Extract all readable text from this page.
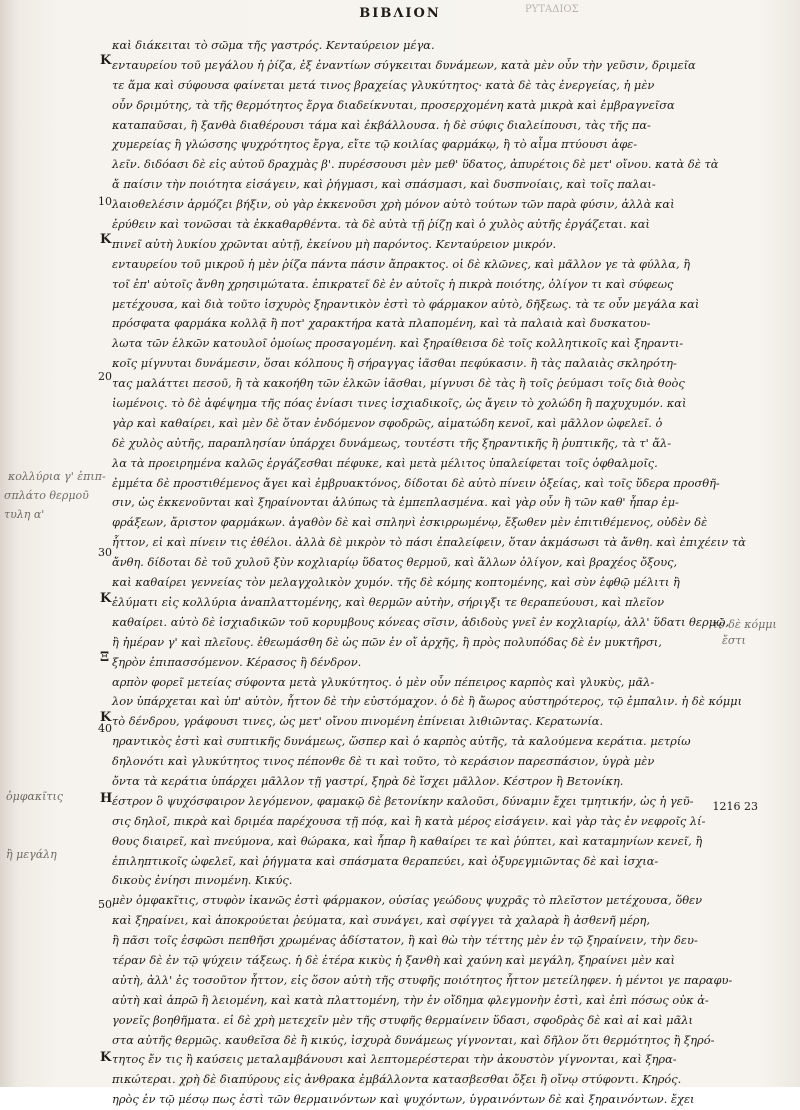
ΒΙΒΛΙΟΝ	ΡΥΤΑΔΙΟΣ
Κ
Κ
Κ
Ξ
Κ
Η
Κ
10
20
30
40
50
κολλύρια γ' ἐπιπ-
σπλάτο θερμοῦ
τυλη α'
ὀμφακῖτις
ἢ μεγάλη
τὸ δὲ κόμμι
ἔστι
1216 23
καὶ διάκειται τὸ σῶμα τῆς γαστρός. Κενταύρειον μέγα.
ενταυρείου τοῦ μεγάλου ἡ ῥίζα, ἐξ ἐναντίων σύγκειται δυνάμεων, κατὰ μὲν οὖν τὴν γεῦσιν, δριμεῖα
τε ἅμα καὶ σύφουσα φαίνεται μετά τινος βραχείας γλυκύτητος· κατὰ δὲ τὰς ἐνεργείας, ἡ μὲν
οὖν δριμύτης, τὰ τῆς θερμότητος ἔργα διαδείκνυται, προσερχομένη κατὰ μικρὰ καὶ ἐμβραγνεῖσα
καταπαῦσαι, ἣ ξανθὰ διαθέρουσι τάμα καὶ ἐκβάλλουσα. ἡ δὲ σύφις διαλείπουσι, τὰς τῆς πα-
χυμερείας ἢ γλώσσης ψυχρότητος ἔργα, εἴτε τῷ κοιλίας φαρμάκῳ, ἢ τὸ αἷμα πτύουσι ἀφε-
λεῖν. διδόασι δὲ εἰς αὐτοῦ δραχμὰς β'. πυρέσσουσι μὲν μεθ' ὕδατος, ἀπυρέτοις δὲ μετ' οἴνου. κατὰ δὲ τὰ
ἄ παίσιν τὴν ποιότητα εἰσάγειν, καὶ ῥήγμασι, καὶ σπάσμασι, καὶ δυσπνοίαις, καὶ τοῖς παλαι-
λαιοθελέσιν ἁρμόζει βήξιν, οὐ γὰρ ἐκκενοῦσι χρὴ μόνον αὐτὸ τούτων τῶν παρὰ φύσιν, ἀλλὰ καὶ
ἐρύθειν καὶ τονῶσαι τὰ ἐκκαθαρθέντα. τὰ δὲ αὐτὰ τῇ ῥίζῃ καὶ ὁ χυλὸς αὐτῆς ἐργάζεται. καὶ
πινεῖ αὐτὴ λυκίου χρῶνται αὐτῇ, ἐκείνου μὴ παρόντος. Κενταύρειον μικρόν.
ενταυρείου τοῦ μικροῦ ἡ μὲν ῥίζα πάντα πάσιν ἄπρακτος. οἱ δὲ κλῶνες, καὶ μᾶλλον γε τὰ φύλλα, ἢ
τοῖ ἐπ' αὐτοῖς ἄνθη χρησιμώτατα. ἐπικρατεῖ δὲ ἐν αὐτοῖς ἡ πικρὰ ποιότης, ὀλίγον τι καὶ σύφεως
μετέχουσα, καὶ διὰ τοῦτο ἰσχυρὸς ξηραντικὸν ἐστὶ τὸ φάρμακον αὐτὸ, δῆξεως. τὰ τε οὖν μεγάλα καὶ
πρόσφατα φαρμάκα κολλᾷ ἢ ποτ' χαρακτήρα κατὰ πλαπομένη, καὶ τὰ παλαιὰ καὶ δυσκατου-
λωτα τῶν ἑλκῶν κατουλοῖ ὁμοίως προσαγομένη. καὶ ξηραίθεισα δὲ τοῖς κολλητικοῖς καὶ ξηραντι-
κοῖς μίγνυται δυνάμεσιν, ὅσαι κόλπους ἢ σήραγγας ἰᾶσθαι πεφύκασιν. ἢ τὰς παλαιὰς σκληρότη-
τας μαλάττει πεσοῦ, ἢ τὰ κακοήθη τῶν ἑλκῶν ἰᾶσθαι, μίγνυσι δὲ τὰς ἢ τοῖς ῥεύμασι τοῖς διὰ θοὸς
ἰωμένοις. τὸ δὲ ἀφέψημα τῆς πόας ἐνίασι τινες ἰσχιαδικοῖς, ὡς ἄγειν τὸ χολώδη ἢ παχυχυμόν. καὶ
γὰρ καὶ καθαίρει, καὶ μὲν δὲ ὅταν ἐνδόμενον σφοδρῶς, αἱματώδη κενοῖ, καὶ μᾶλλον ὠφελεῖ. ὁ
δὲ χυλὸς αὐτῆς, παραπλησίαν ὑπάρχει δυνάμεως, τουτέστι τῆς ξηραντικῆς ἢ ῥυπτικῆς, τὰ τ' ἄλ-
λα τὰ προειρημένα καλῶς ἐργάζεσθαι πέφυκε, καὶ μετὰ μέλιτος ὑπαλείφεται τοῖς ὀφθαλμοῖς.
ἐμμέτα δὲ προστιθέμενος ἄγει καὶ ἐμβρυακτόνος, δίδοται δὲ αὐτὸ πίνειν ὀξείας, καὶ τοῖς ὕδερα προσθῆ-
σιν, ὡς ἐκκενοῦνται καὶ ξηραίνονται ἀλύπως τὰ ἐμπεπλασμένα. καὶ γὰρ οὖν ἢ τῶν καθ' ἧπαρ ἐμ-
φράξεων, ἄριστον φαρμάκων. ἀγαθὸν δὲ καὶ σπληνὶ ἐσκιρρωμένῳ, ἔξωθεν μὲν ἐπιτιθέμενος, οὐδὲν δὲ
ἧττον, εἰ καὶ πίνειν τις ἐθέλοι. ἀλλὰ δὲ μικρὸν τὸ πάσι ἐπαλείφειν, ὅταν ἀκμάσωσι τὰ ἄνθη. καὶ ἐπιχέειν τὰ
ἄνθη. δίδοται δὲ τοῦ χυλοῦ ξὺν κοχλιαρίῳ ὕδατος θερμοῦ, καὶ ἄλλων ὀλίγον, καὶ βραχέος ὄξους,
καὶ καθαίρει γεννείας τὸν μελαγχολικὸν χυμόν. τῆς δὲ κόμης κοπτομένης, καὶ σὺν ἑφθῷ μέλιτι ἢ
ἐλύματι εἰς κολλύρια ἀναπλαττομένης, καὶ θερμῶν αὐτὴν, σήριγξι τε θεραπεύουσι, καὶ πλεῖον
καθαίρει. αὐτὸ δὲ ἰσχιαδικῶν τοῦ κορυμβους κόνεας σῖσιν, ἀδιδοὺς γνεῖ ἐν κοχλιαρίῳ, ἀλλ' ὕδατι θερμῷ,
ἢ ἡμέραν γ' καὶ πλεῖους. ἐθεωμάσθη δὲ ὡς πῶν ἐν οἴ ἀρχῆς, ἢ πρὸς πολυπόδας δὲ ἐν μυκτῆρσι,
ξηρὸν ἐπιπασσόμενον. Κέρασος ἢ δένδρον.
αρπὸν φορεῖ μετείας σύφοντα μετὰ γλυκύτητος. ὁ μὲν οὖν πέπειρος καρπὸς καὶ γλυκὺς, μᾶλ-
λον ὑπάρχεται καὶ ὑπ' αὐτὸν, ἧττον δὲ τὴν εὐστόμαχον. ὁ δὲ ἢ ἄωρος αὐστηρότερος, τῷ ἐμπαλιν. ἡ δὲ κόμμι
τὸ δένδρου, γράφουσι τινες, ὡς μετ' οἴνου πινομένη ἐπίνειαι λιθιῶντας. Κερατωνία.
ηραντικὸς ἐστὶ καὶ συπτικῆς δυνάμεως, ὥσπερ καὶ ὁ καρπὸς αὐτῆς, τὰ καλούμενα κεράτια. μετρίω
δηλονότι καὶ γλυκύτητος τινος πέπονθε δὲ τι καὶ τοῦτο, τὸ κεράσιον παρεσπάσιον, ὑγρὰ μὲν
ὄντα τὰ κεράτια ὑπάρχει μᾶλλον τῇ γαστρί, ξηρὰ δὲ ἴσχει μᾶλλον. Κέστρον ἢ Βετονίκη.
έστρον ὃ ψυχόσφαιρον λεγόμενον, φαμακῷ δὲ βετονίκην καλοῦσι, δύναμιν ἔχει τμητικήν, ὡς ἡ γεῦ-
σις δηλοῖ, πικρὰ καὶ δριμέα παρέχουσα τῇ πόᾳ, καὶ ἢ κατὰ μέρος εἰσάγειν. καὶ γὰρ τὰς ἐν νεφροῖς λί-
θους διαιρεῖ, καὶ πνεύμονα, καὶ θώρακα, καὶ ἧπαρ ἢ καθαίρει τε καὶ ῥύπτει, καὶ καταμηνίων κενεῖ, ἢ
ἐπιληπτικοῖς ὠφελεῖ, καὶ ῥήγματα καὶ σπάσματα θεραπεύει, καὶ ὀξυρεγμιῶντας δὲ καὶ ἰσχια-
δικοὺς ἐνίησι πινομένη. Κικύς.
μὲν ὀμφακῖτις, στυφὸν ἱκανῶς ἐστὶ φάρμακον, οὐσίας γεώδους ψυχρᾶς τὸ πλεῖστον μετέχουσα, ὅθεν
καὶ ξηραίνει, καὶ ἀποκρούεται ῥεύματα, καὶ συνάγει, καὶ σφίγγει τὰ χαλαρὰ ἢ ἀσθενῆ μέρη,
ἢ πᾶσι τοῖς ἐσφῶσι πεπθῆσι χρωμένας ἀδίστατον, ἢ καὶ θὼ τὴν τέττης μὲν ἐν τῷ ξηραίνειν, τὴν δευ-
τέραν δὲ ἐν τῷ ψύχειν τάξεως. ἡ δὲ ἑτέρα κικὺς ἡ ξανθὴ καὶ χαύνη καὶ μεγάλη, ξηραίνει μὲν καὶ
αὐτὴ, ἀλλ' ἐς τοσοῦτον ἧττον, εἰς ὅσον αὐτὴ τῆς στυφῆς ποιότητος ἧττον μετείληφεν. ἡ μέντοι γε παραφυ-
αὐτὴ καὶ ἀπρῶ ἢ λειομένη, καὶ κατὰ πλαττομένη, τὴν ἐν οἴδημα φλεγμονὴν ἐστὶ, καὶ ἐπὶ πόσως οὐκ ἀ-
γονεῖς βοηθῆματα. εἰ δὲ χρὴ μετεχεῖν μὲν τῆς στυφῆς θερμαίνειν ὕδασι, σφοδρὰς δὲ καὶ αἱ καὶ μᾶλι
στα αὐτῆς θερμῶς. καυθεῖσα δὲ ἢ κικύς, ἰσχυρὰ δυνάμεως γίγνονται, καὶ δῆλον ὅτι θερμότητος ἢ ξηρό-
τητος ἔν τις ἢ καύσεις μεταλαμβάνουσι καὶ λεπτομερέστεραι τὴν ἀκουστὸν γίγνονται, καὶ ξηρα-
πικώτεραι. χρὴ δὲ διαπύρους εἰς ἀνθρακα ἐμβάλλοντα κατασβεσθαι ὄξει ἢ οἴνῳ στύφοντι. Κηρός.
ηρὸς ἐν τῷ μέσῳ πως ἐστὶ τῶν θερμαινόντων καὶ ψυχόντων, ὑγραινόντων δὲ καὶ ξηραινόντων. ἔχει
